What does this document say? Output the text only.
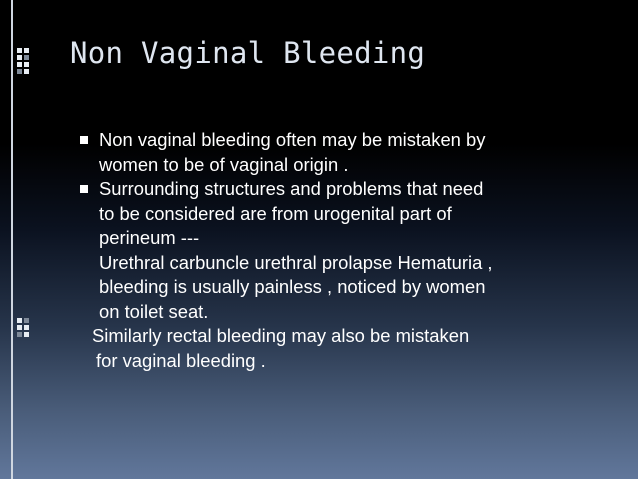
Non Vaginal Bleeding
Non vaginal bleeding often may be mistaken by
women to be of vaginal origin .
Surrounding structures and problems that need
to be considered are from urogenital part of
perineum ---
Urethral carbuncle urethral prolapse Hematuria ,
bleeding is usually painless , noticed by women
on toilet seat.
Similarly rectal bleeding may also be mistaken
for vaginal bleeding .
